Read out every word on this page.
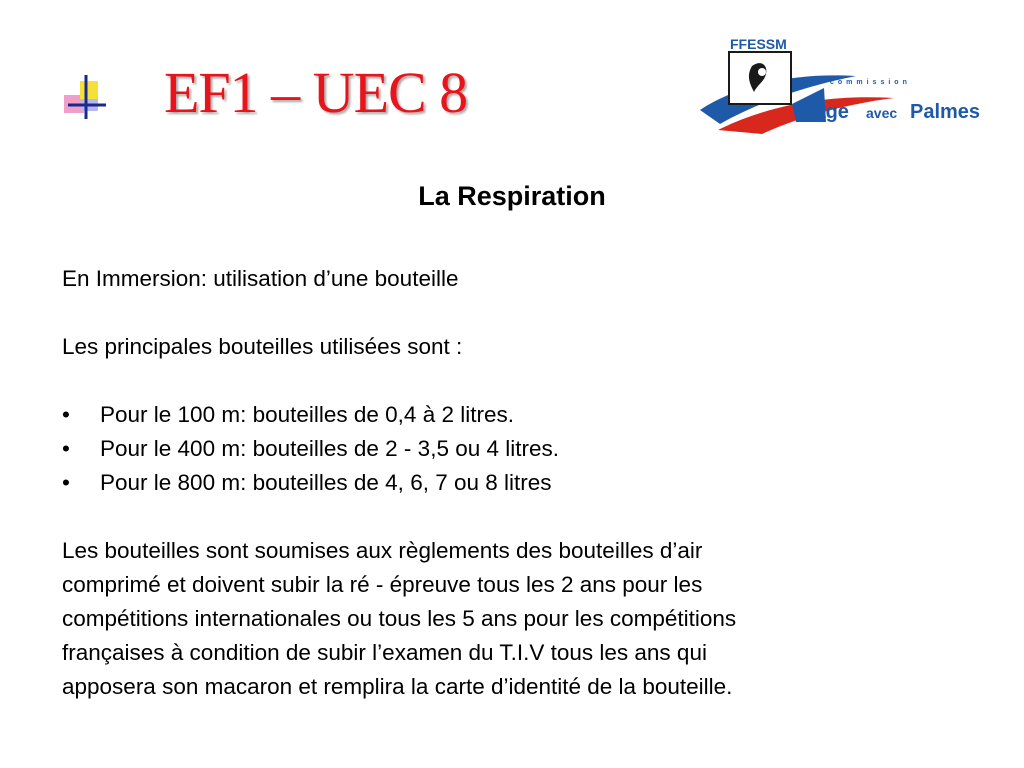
EF1 – UEC 8
FFESSM
commission
Nage avec Palmes
La Respiration

En Immersion: utilisation d’une bouteille

Les principales bouteilles utilisées sont :

• Pour le 100 m: bouteilles de 0,4 à 2 litres.
• Pour le 400 m: bouteilles de 2 - 3,5 ou 4 litres.
• Pour le 800 m: bouteilles de 4, 6, 7 ou 8 litres

Les bouteilles sont soumises aux règlements des bouteilles d’air

comprimé et doivent subir la ré - épreuve tous les 2 ans pour les

compétitions internationales ou tous les 5 ans pour les compétitions

françaises à condition de subir l’examen du T.I.V tous les ans qui

apposera son macaron et remplira la carte d’identité de la bouteille.
